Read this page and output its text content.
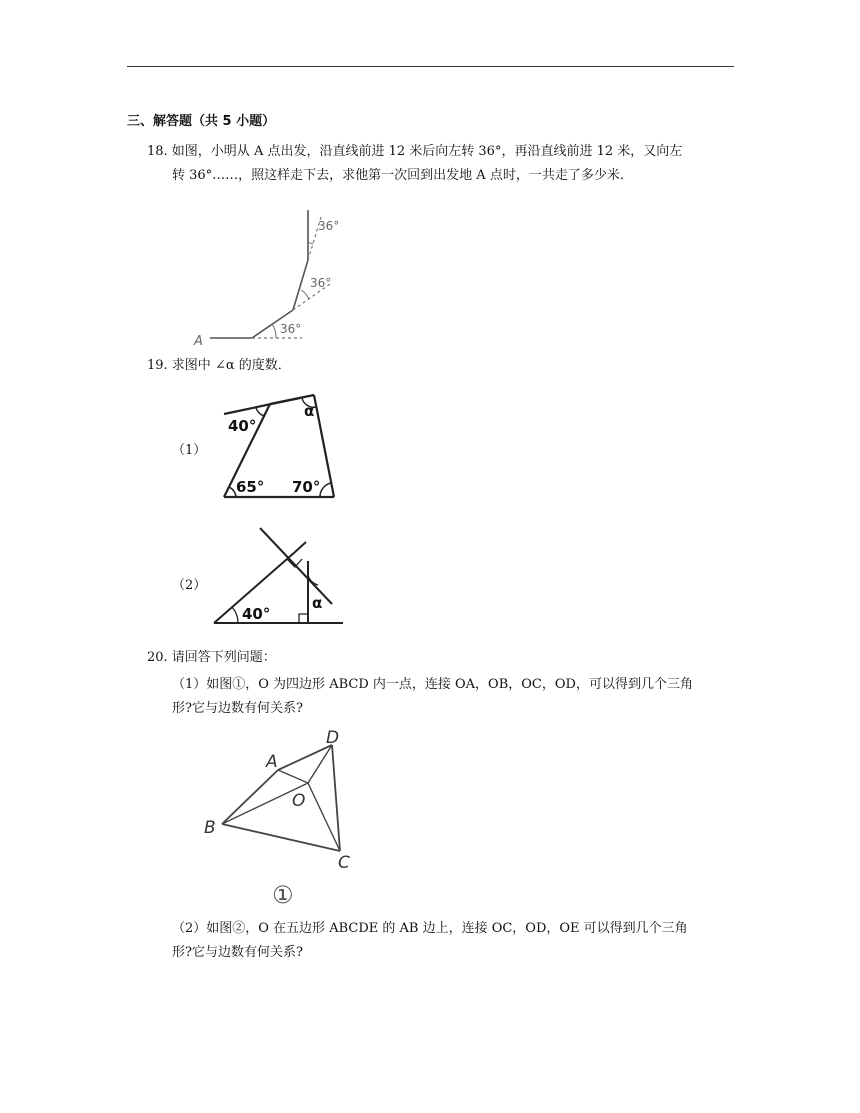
三、解答题（共 5 小题）
18. 如图，小明从 A 点出发，沿直线前进 12 米后向左转 36°，再沿直线前进 12 米，又向左
转 36°……，照这样走下去，求他第一次回到出发地 A 点时，一共走了多少米．
A
36°
36°
36°
19. 求图中 ∠α 的度数．
（1）
40°
α
65° 70°
（2）
40°
α
20. 请回答下列问题：
（1）如图①，O 为四边形 ABCD 内一点，连接 OA，OB，OC，OD，可以得到几个三角
形?它与边数有何关系?
A
B
C
D
O
①
（2）如图②，O 在五边形 ABCDE 的 AB 边上，连接 OC，OD，OE 可以得到几个三角
形?它与边数有何关系?
